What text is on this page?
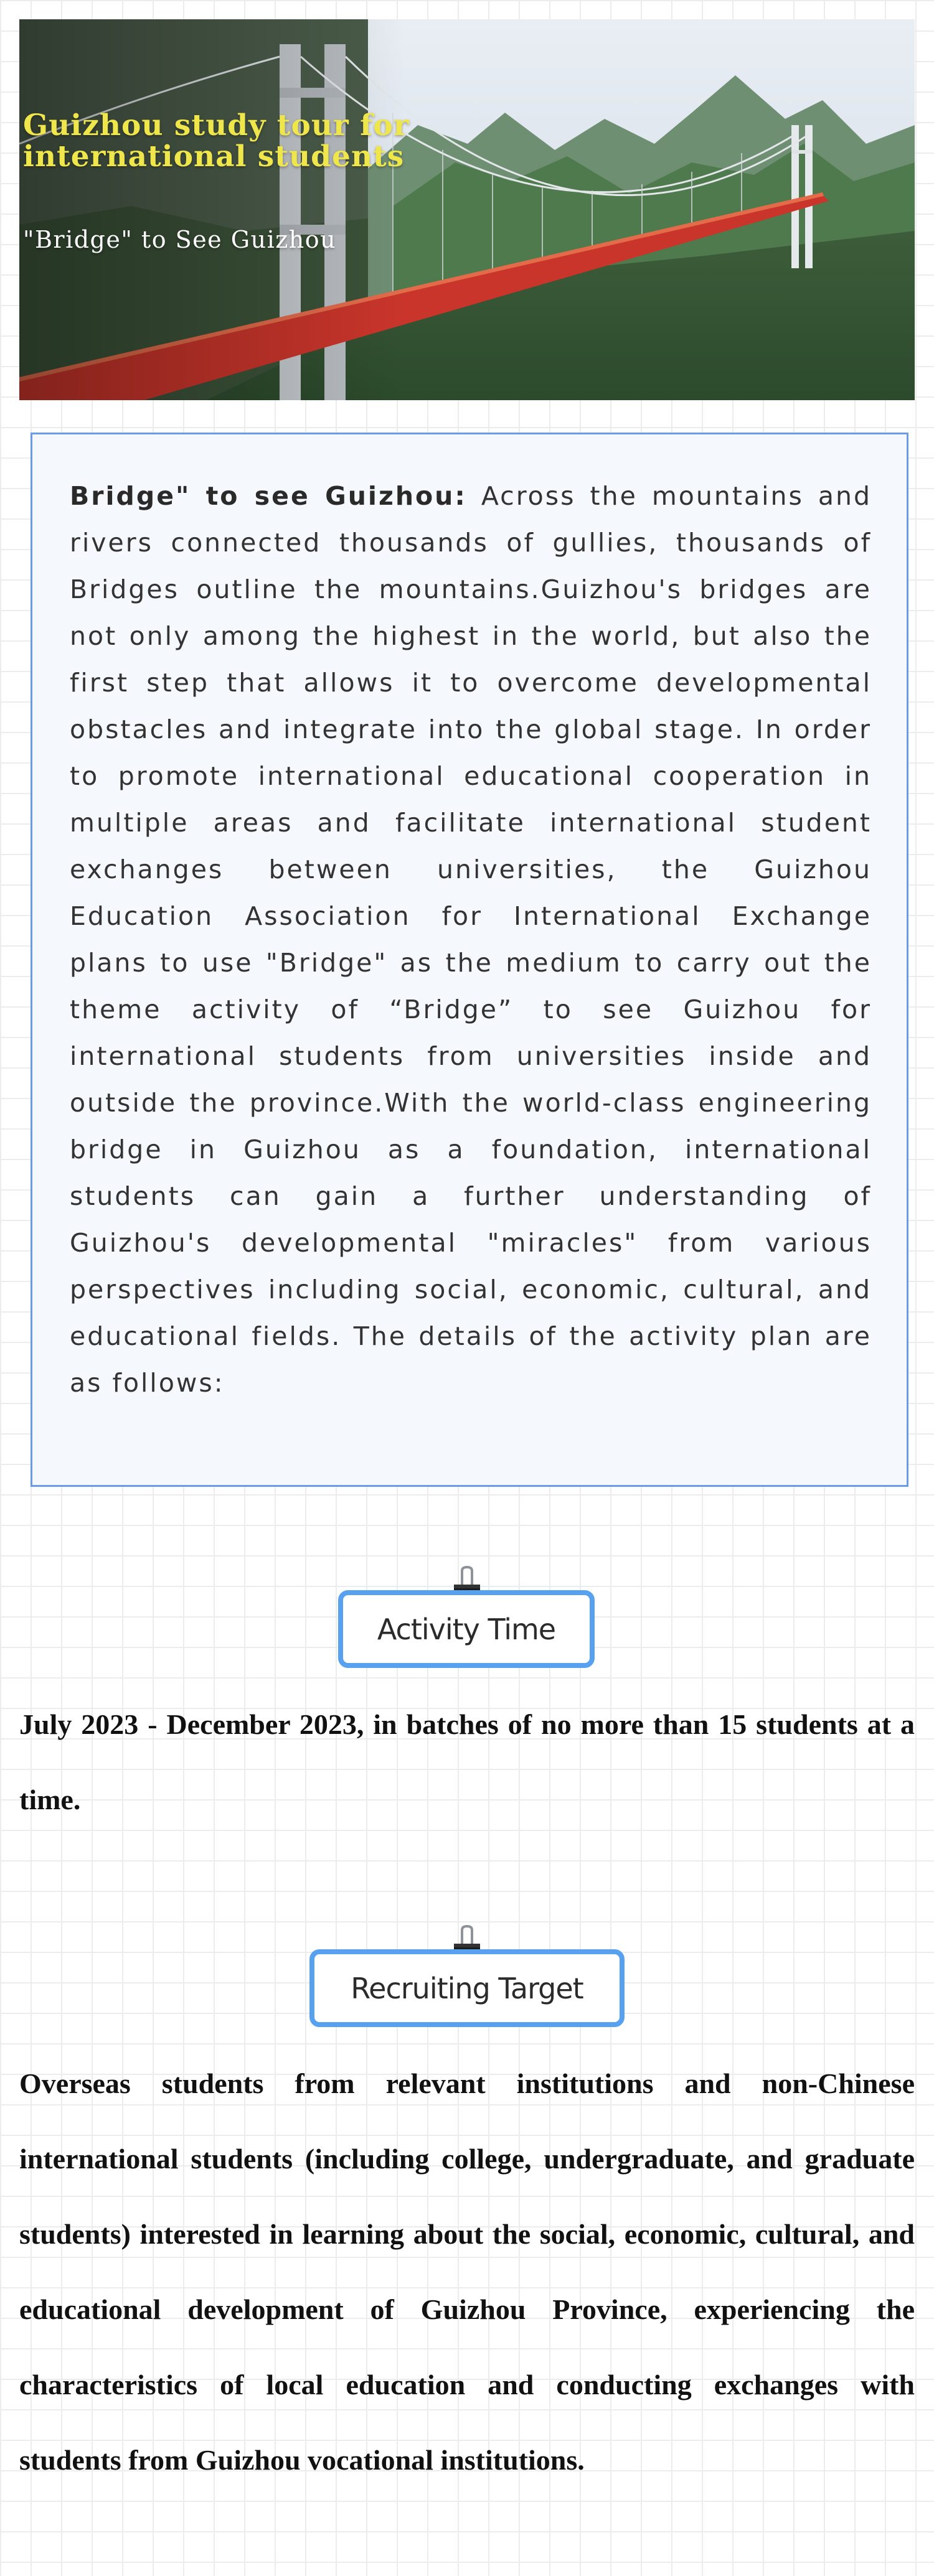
Guizhou study tour for international students

"Bridge" to See Guizhou

Bridge" to see Guizhou: Across the mountains and rivers connected thousands of gullies, thousands of Bridges outline the mountains.Guizhou's bridges are not only among the highest in the world, but also the first step that allows it to overcome developmental obstacles and integrate into the global stage. In order to promote international educational cooperation in multiple areas and facilitate international student exchanges between universities, the Guizhou Education Association for International Exchange plans to use "Bridge" as the medium to carry out the theme activity of “Bridge” to see Guizhou for international students from universities inside and outside the province.With the world-class engineering bridge in Guizhou as a foundation, international students can gain a further understanding of Guizhou's developmental "miracles" from various perspectives including social, economic, cultural, and educational fields. The details of the activity plan are as follows:

Activity Time

July 2023 - December 2023, in batches of no more than 15 students at a time.

Recruiting Target

Overseas students from relevant institutions and non-Chinese international students (including college, undergraduate, and graduate students) interested in learning about the social, economic, cultural, and educational development of Guizhou Province, experiencing the characteristics of local education and conducting exchanges with students from Guizhou vocational institutions.
